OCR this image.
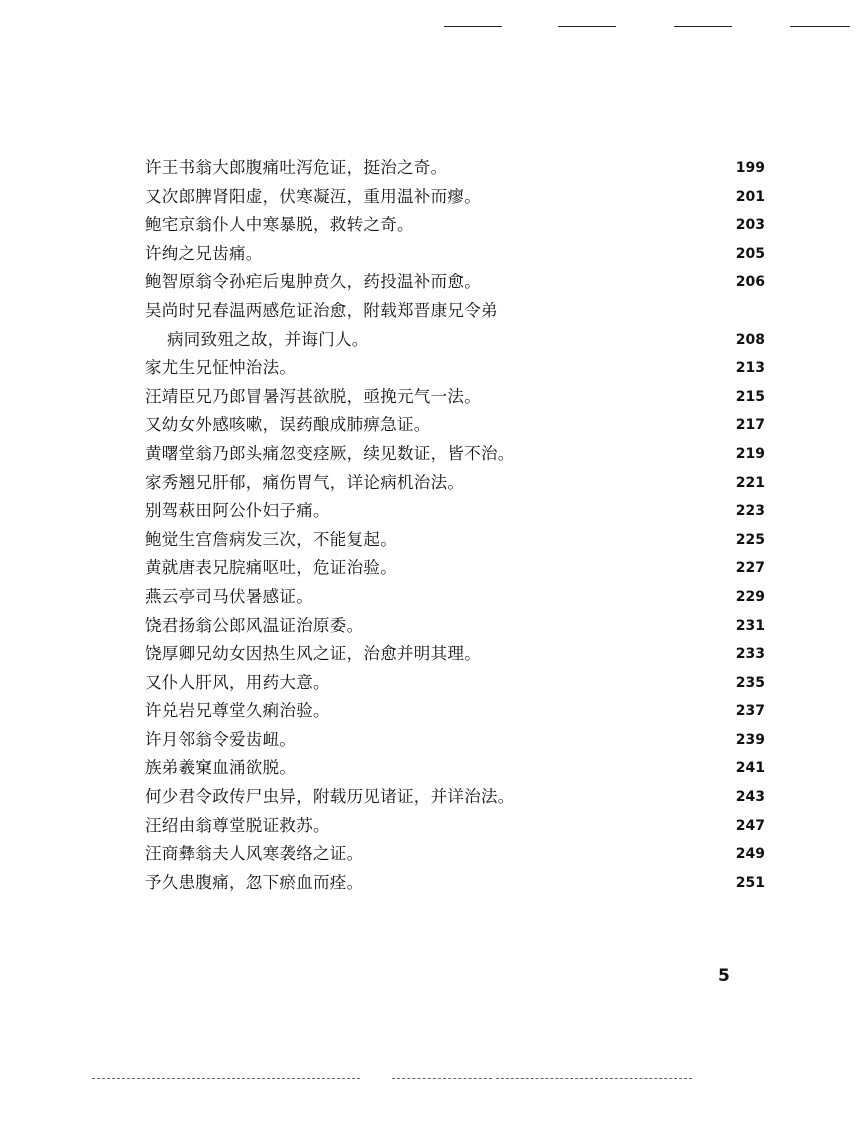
许王书翁大郎腹痛吐泻危证，挺治之奇。	199
又次郎脾肾阳虚，伏寒凝沍，重用温补而瘳。	201
鲍宅京翁仆人中寒暴脱，救转之奇。	203
许绚之兄齿痛。	205
鲍智原翁令孙疟后鬼肿贲久，药投温补而愈。	206
吴尚时兄春温两感危证治愈，附载郑晋康兄令弟
病同致殂之故，并诲门人。	208
家尤生兄怔忡治法。	213
汪靖臣兄乃郎冒暑泻甚欲脱，亟挽元气一法。	215
又幼女外感咳嗽，误药酿成肺痹急证。	217
黄曙堂翁乃郎头痛忽变痉厥，续见数证，皆不治。	219
家秀翘兄肝郁，痛伤胃气，详论病机治法。	221
别驾萩田阿公仆妇子痛。	223
鲍觉生宫詹病发三次，不能复起。	225
黄就唐表兄脘痛呕吐，危证治验。	227
燕云亭司马伏暑感证。	229
饶君扬翁公郎风温证治原委。	231
饶厚卿兄幼女因热生风之证，治愈并明其理。	233
又仆人肝风，用药大意。	235
许兑岩兄尊堂久痢治验。	237
许月邻翁令爱齿衄。	239
族弟羲窠血涌欲脱。	241
何少君令政传尸虫异，附载历见诸证，并详治法。	243
汪绍由翁尊堂脱证救苏。	247
汪商彝翁夫人风寒袭络之证。	249
予久患腹痛，忽下瘀血而痊。	251
5
